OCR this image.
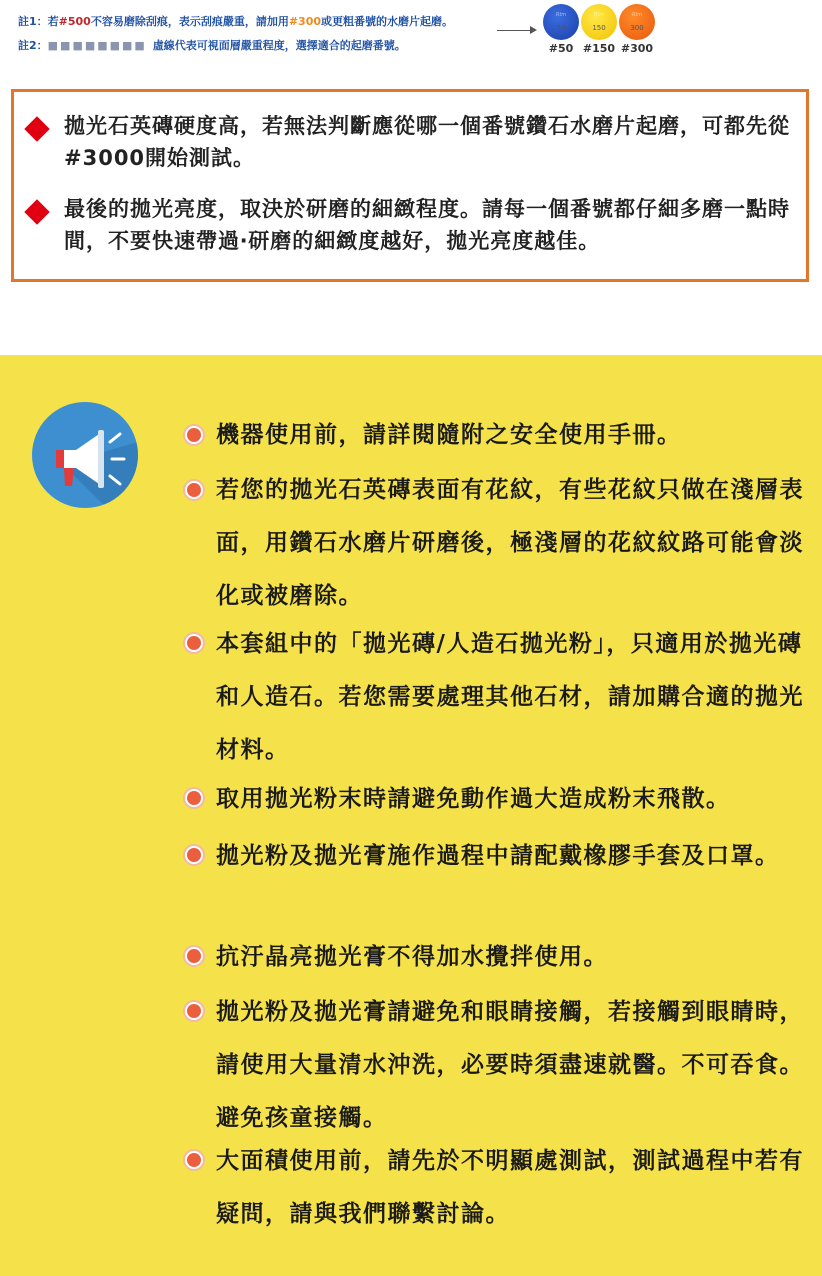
註1：若#500不容易磨除刮痕，表示刮痕嚴重，請加用#300或更粗番號的水磨片起磨。
註2：■■■■■■■■ 虛線代表可視面層嚴重程度，選擇適合的起磨番號。
Rtm
50
Rtm
150
Rtm
300
#50 #150 #300
拋光石英磚硬度高，若無法判斷應從哪一個番號鑽石水磨片起磨，可都先從#3000開始測試。
最後的拋光亮度，取決於研磨的細緻程度。請每一個番號都仔細多磨一點時間，不要快速帶過‧研磨的細緻度越好，拋光亮度越佳。
機器使用前，請詳閱隨附之安全使用手冊。
若您的拋光石英磚表面有花紋，有些花紋只做在淺層表面，用鑽石水磨片研磨後，極淺層的花紋紋路可能會淡化或被磨除。
本套組中的「拋光磚/人造石拋光粉」，只適用於拋光磚和人造石。若您需要處理其他石材，請加購合適的拋光材料。
取用拋光粉末時請避免動作過大造成粉末飛散。
拋光粉及拋光膏施作過程中請配戴橡膠手套及口罩。
抗汙晶亮拋光膏不得加水攪拌使用。
拋光粉及拋光膏請避免和眼睛接觸，若接觸到眼睛時，請使用大量清水沖洗，必要時須盡速就醫。不可吞食。避免孩童接觸。
大面積使用前，請先於不明顯處測試，測試過程中若有疑問，請與我們聯繫討論。
